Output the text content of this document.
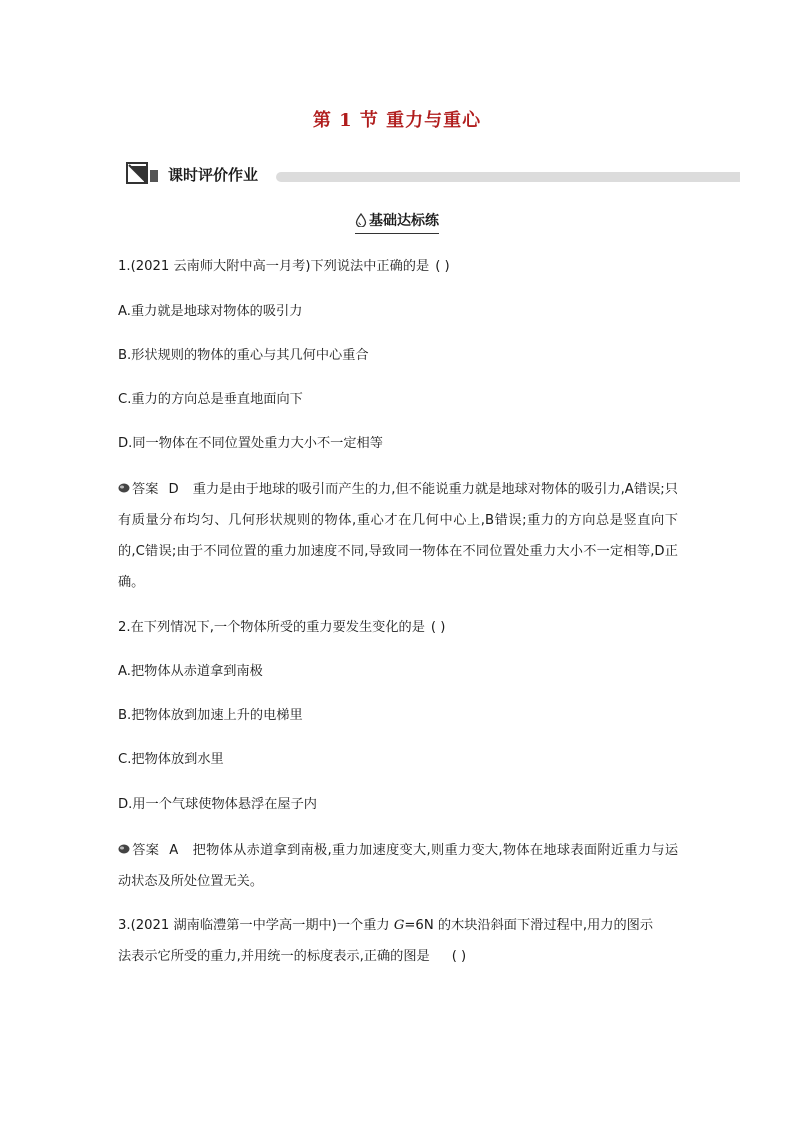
第 1 节 重力与重心
课时评价作业
基础达标练
1.(2021 云南师大附中高一月考)下列说法中正确的是 ( )
A.重力就是地球对物体的吸引力
B.形状规则的物体的重心与其几何中心重合
C.重力的方向总是垂直地面向下
D.同一物体在不同位置处重力大小不一定相等
答案 D 重力是由于地球的吸引而产生的力,但不能说重力就是地球对物体的吸引力,A错误;只有质量分布均匀、几何形状规则的物体,重心才在几何中心上,B错误;重力的方向总是竖直向下的,C错误;由于不同位置的重力加速度不同,导致同一物体在不同位置处重力大小不一定相等,D正确。
2.在下列情况下,一个物体所受的重力要发生变化的是 ( )
A.把物体从赤道拿到南极
B.把物体放到加速上升的电梯里
C.把物体放到水里
D.用一个气球使物体悬浮在屋子内
答案 A 把物体从赤道拿到南极,重力加速度变大,则重力变大,物体在地球表面附近重力与运动状态及所处位置无关。
3.(2021 湖南临澧第一中学高一期中)一个重力 G=6N 的木块沿斜面下滑过程中,用力的图示
法表示它所受的重力,并用统一的标度表示,正确的图是 ( )
